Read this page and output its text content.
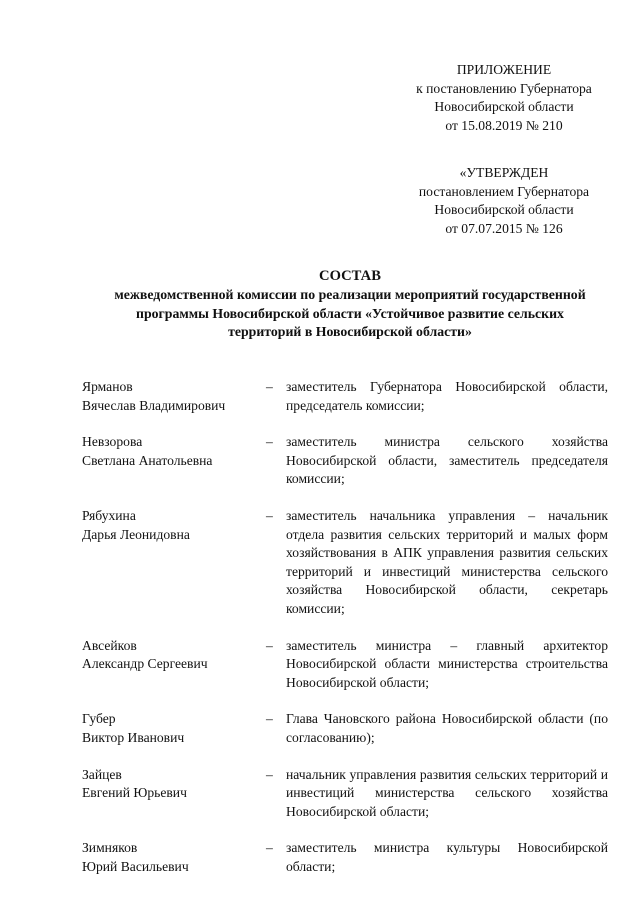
ПРИЛОЖЕНИЕ
к постановлению Губернатора
Новосибирской области
от 15.08.2019 № 210
«УТВЕРЖДЕН
постановлением Губернатора
Новосибирской области
от 07.07.2015 № 126
СОСТАВ
межведомственной комиссии по реализации мероприятий государственной
программы Новосибирской области «Устойчивое развитие сельских
территорий в Новосибирской области»
Ярманов
Вячеслав Владимирович
– заместитель Губернатора Новосибирской области, председатель комиссии;
Невзорова
Светлана Анатольевна
– заместитель министра сельского хозяйства Новосибирской области, заместитель председателя комиссии;
Рябухина
Дарья Леонидовна
– заместитель начальника управления – начальник отдела развития сельских территорий и малых форм хозяйствования в АПК управления развития сельских территорий и инвестиций министерства сельского хозяйства Новосибирской области, секретарь комиссии;
Авсейков
Александр Сергеевич
– заместитель министра – главный архитектор Новосибирской области министерства строительства Новосибирской области;
Губер
Виктор Иванович
– Глава Чановского района Новосибирской области (по согласованию);
Зайцев
Евгений Юрьевич
– начальник управления развития сельских территорий и инвестиций министерства сельского хозяйства Новосибирской области;
Зимняков
Юрий Васильевич
– заместитель министра культуры Новосибирской области;
